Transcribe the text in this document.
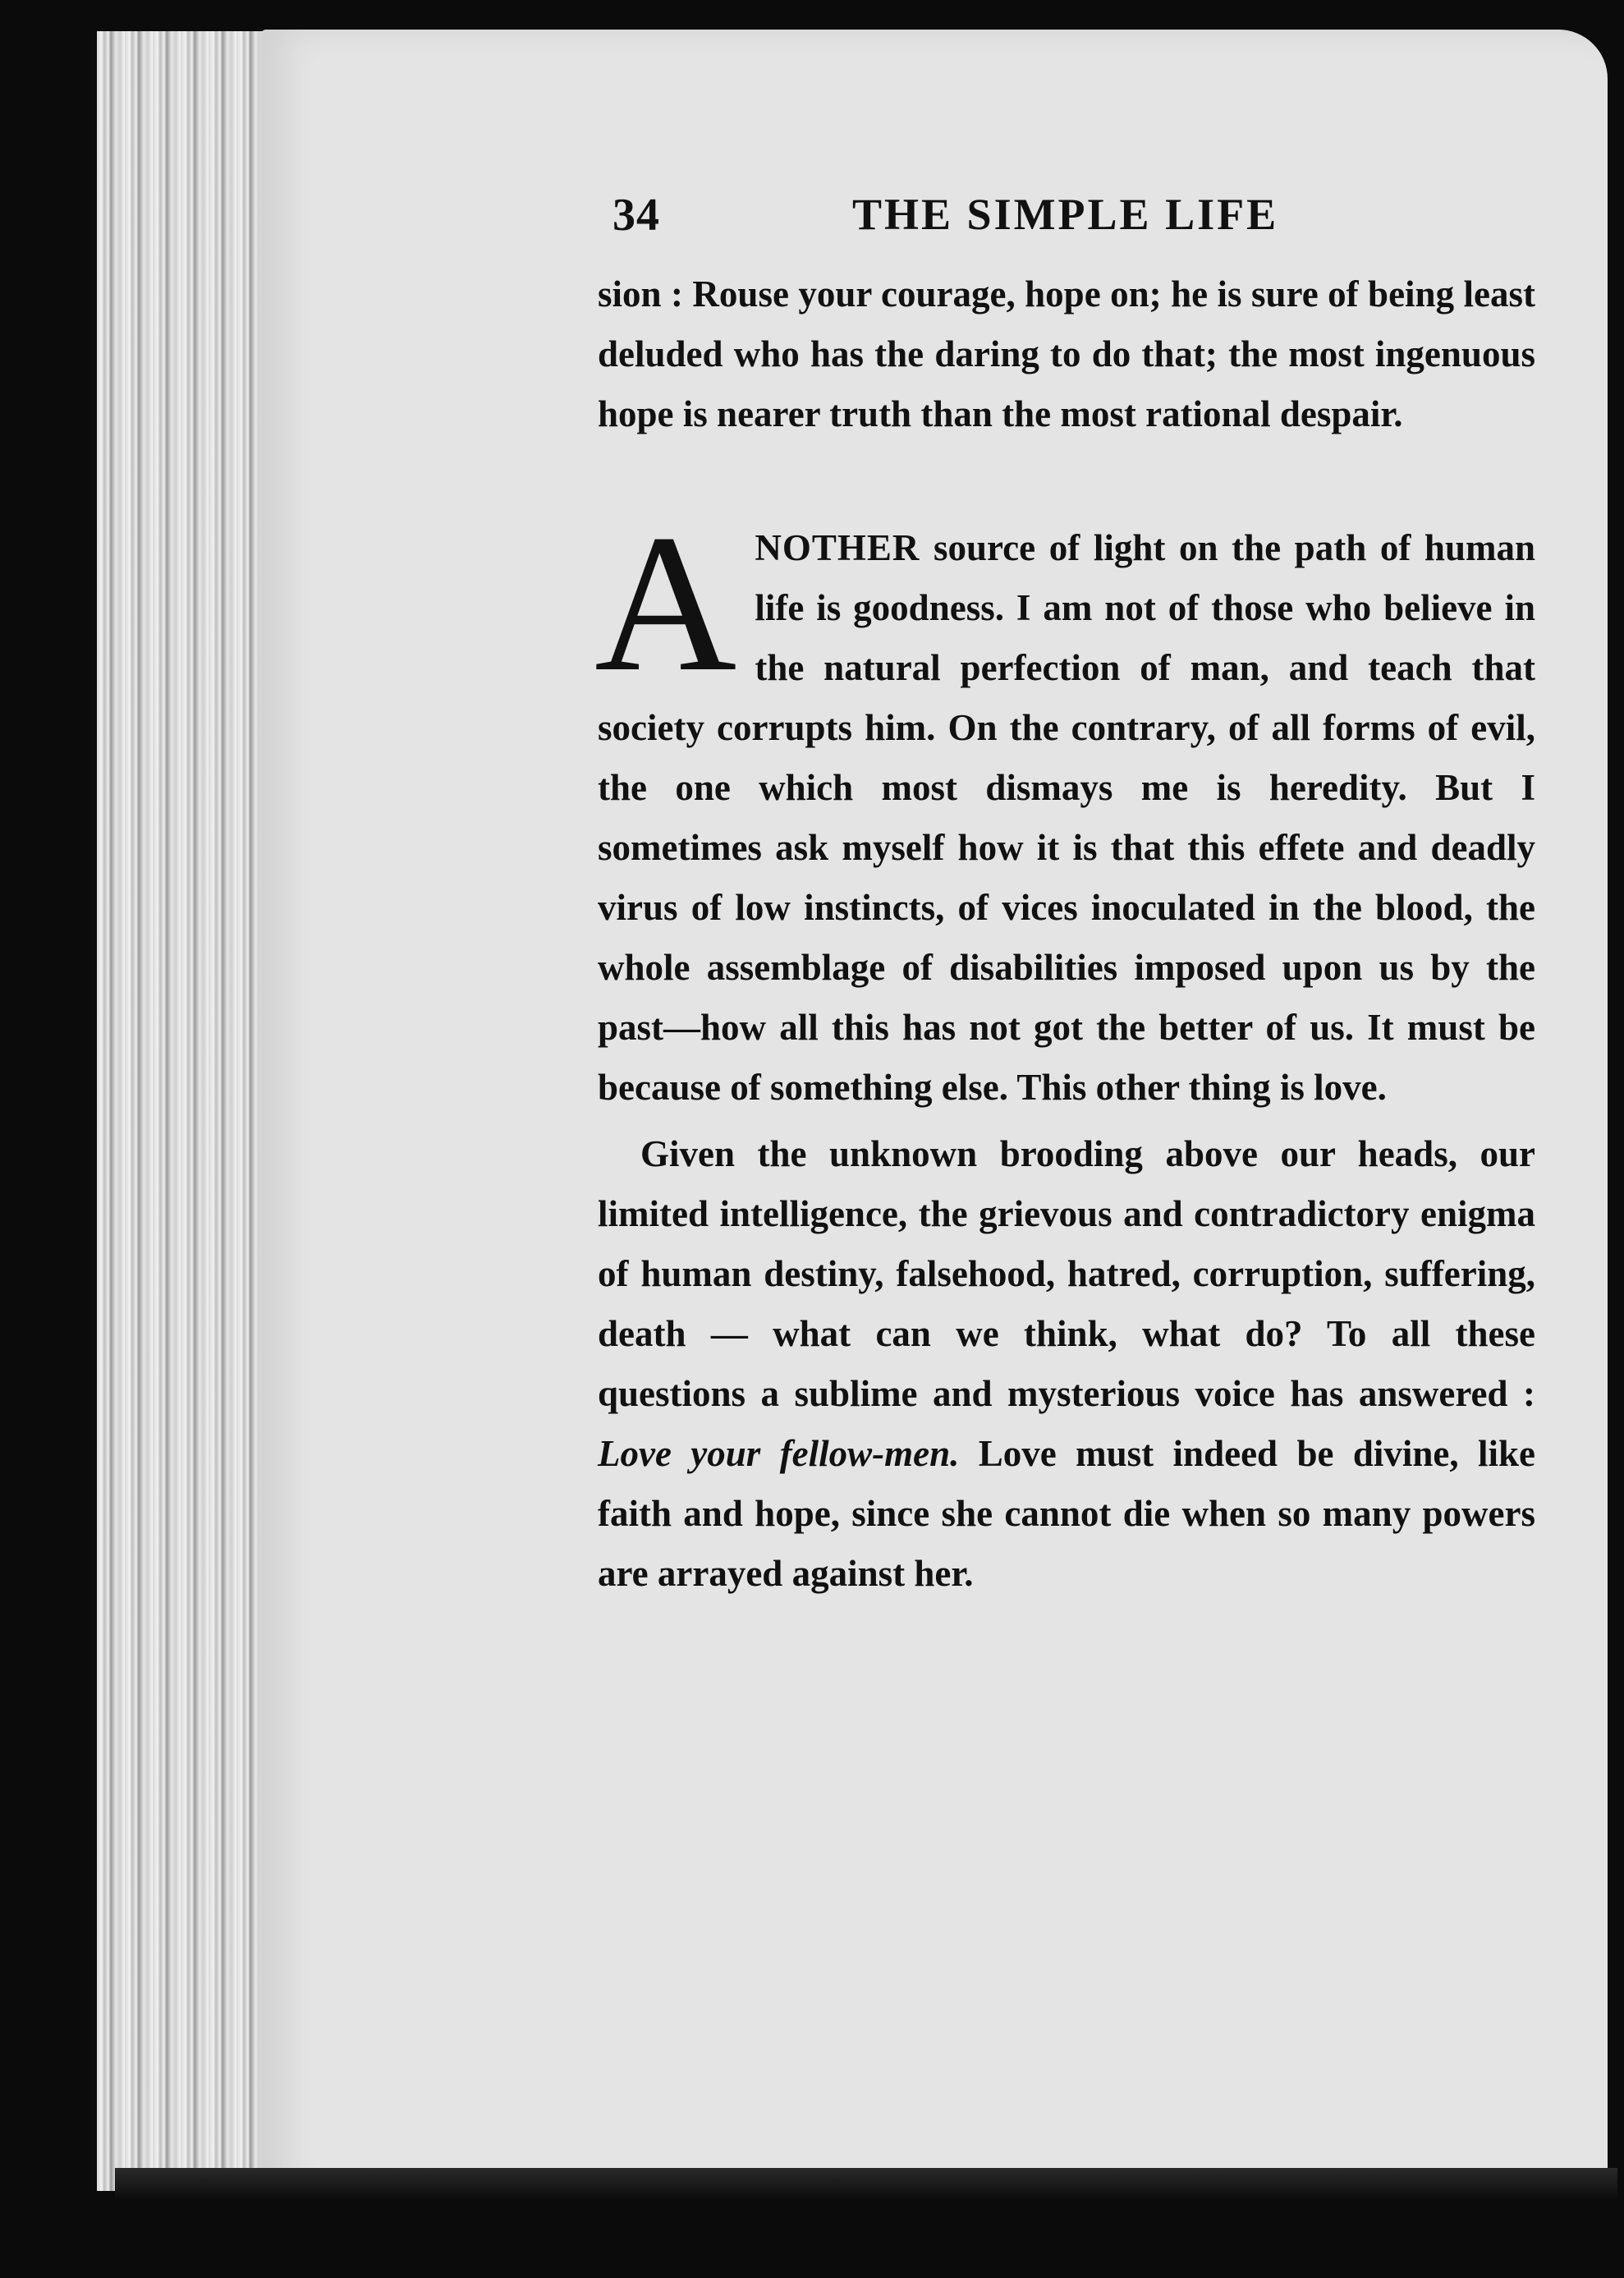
34	THE SIMPLE LIFE

sion : Rouse your courage, hope on; he is sure of being least deluded who has the daring to do that; the most ingenuous hope is nearer truth than the most rational despair.

ANOTHER source of light on the path of human life is goodness. I am not of those who believe in the natural perfection of man, and teach that society corrupts him. On the contrary, of all forms of evil, the one which most dismays me is heredity. But I sometimes ask myself how it is that this effete and deadly virus of low instincts, of vices inoculated in the blood, the whole assemblage of disabilities imposed upon us by the past—how all this has not got the better of us. It must be because of something else. This other thing is love.

Given the unknown brooding above our heads, our limited intelligence, the grievous and contradictory enigma of human destiny, falsehood, hatred, corruption, suffering, death — what can we think, what do? To all these questions a sublime and mysterious voice has answered : Love your fellow-men. Love must indeed be divine, like faith and hope, since she cannot die when so many powers are arrayed against her.
